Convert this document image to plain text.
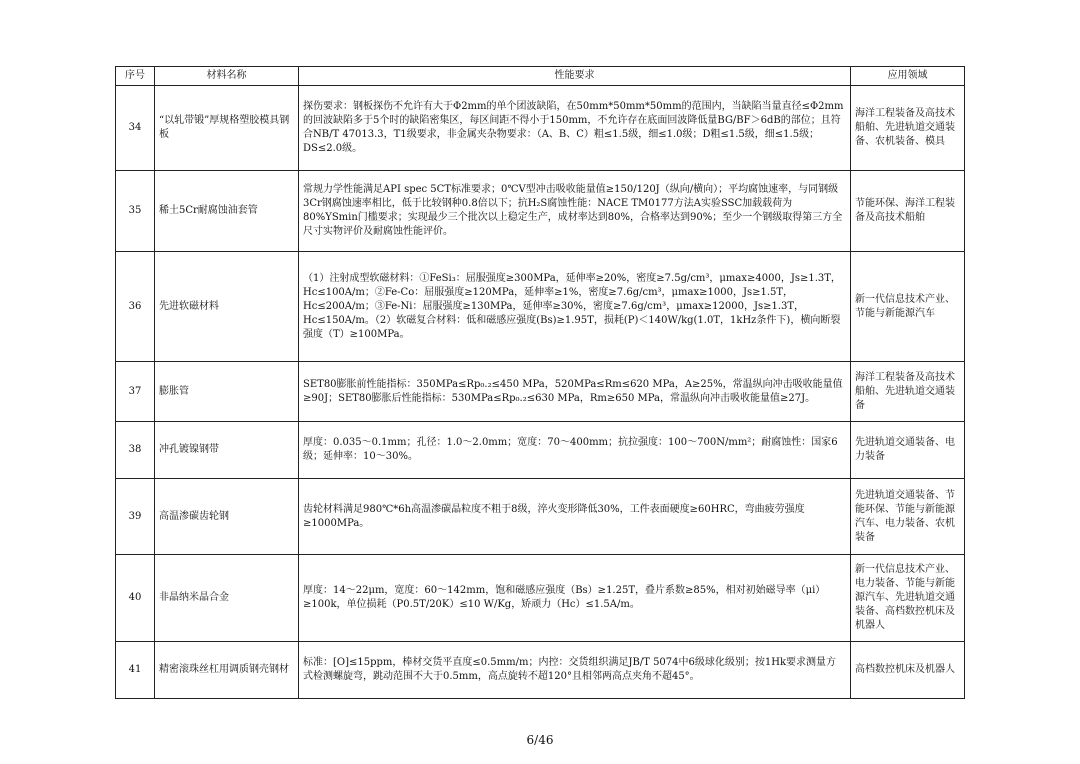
序号	材料名称	性能要求	应用领域
34	“以轧带锻”厚规格塑胶模具钢板	探伤要求：钢板探伤不允许有大于Φ2mm的单个团波缺陷，在50mm*50mm*50mm的范围内，当缺陷当量直径≤Φ2mm的回波缺陷多于5个时的缺陷密集区，每区间距不得小于150mm，不允许存在底面回波降低量BG/BF＞6dB的部位；且符合NB/T 47013.3，T1级要求，非金属夹杂物要求：（A、B、C）粗≤1.5级，细≤1.0级；D粗≤1.5级，细≤1.5级；DS≤2.0级。	海洋工程装备及高技术船舶、先进轨道交通装备、农机装备、模具
35	稀土5Cr耐腐蚀油套管	常规力学性能满足API spec 5CT标准要求；0℃V型冲击吸收能量值≥150/120J（纵向/横向）；平均腐蚀速率，与同钢级3Cr钢腐蚀速率相比，低于比较钢种0.8倍以下；抗H₂S腐蚀性能：NACE TM0177方法A实验SSC加载载荷为80%YSmin门槛要求；实现最少三个批次以上稳定生产，成材率达到80%，合格率达到90%；至少一个钢级取得第三方全尺寸实物评价及耐腐蚀性能评价。	节能环保、海洋工程装备及高技术船舶
36	先进软磁材料	（1）注射成型软磁材料：①FeSi₃：屈服强度≥300MPa，延伸率≥20%，密度≥7.5g/cm³，μmax≥4000，Js≥1.3T，Hc≤100A/m；②Fe-Co：屈服强度≥120MPa，延伸率≥1%，密度≥7.6g/cm³，μmax≥1000，Js≥1.5T，Hc≤200A/m；③Fe-Ni：屈服强度≥130MPa，延伸率≥30%，密度≥7.6g/cm³，μmax≥12000，Js≥1.3T，Hc≤150A/m。（2）软磁复合材料：低和磁感应强度(Bs)≥1.95T，损耗(P)＜140W/kg(1.0T，1kHz条件下)，横向断裂强度（T）≥100MPa。	新一代信息技术产业、节能与新能源汽车
37	膨胀管	SET80膨胀前性能指标：350MPa≤Rp₀.₂≤450 MPa，520MPa≤Rm≤620 MPa，A≥25%，常温纵向冲击吸收能量值≥90J；SET80膨胀后性能指标：530MPa≤Rp₀.₂≤630 MPa，Rm≥650 MPa，常温纵向冲击吸收能量值≥27J。	海洋工程装备及高技术船舶、先进轨道交通装备
38	冲孔镀镍钢带	厚度：0.035～0.1mm；孔径：1.0～2.0mm；宽度：70～400mm；抗拉强度：100～700N/mm²；耐腐蚀性：国家6级；延伸率：10～30%。	先进轨道交通装备、电力装备
39	高温渗碳齿轮钢	齿轮材料满足980℃*6h高温渗碳晶粒度不粗于8级，淬火变形降低30%，工件表面硬度≥60HRC，弯曲疲劳强度≥1000MPa。	先进轨道交通装备、节能环保、节能与新能源汽车、电力装备、农机装备
40	非晶纳米晶合金	厚度：14～22μm，宽度：60～142mm，饱和磁感应强度（Bs）≥1.25T，叠片系数≥85%，相对初始磁导率（μi）≥100k，单位损耗（P0.5T/20K）≤10 W/Kg，矫顽力（Hc）≤1.5A/m。	新一代信息技术产业、电力装备、节能与新能源汽车、先进轨道交通装备、高档数控机床及机器人
41	精密滚珠丝杠用调质钢壳钢材	标准：[O]≤15ppm，棒材交货平直度≤0.5mm/m；内控：交货组织满足JB/T 5074中6级球化级别；按1Hk要求测量方式检测螺旋弯，跳动范围不大于0.5mm，高点旋转不超120°且相邻两高点夹角不超45°。	高档数控机床及机器人
6/46
